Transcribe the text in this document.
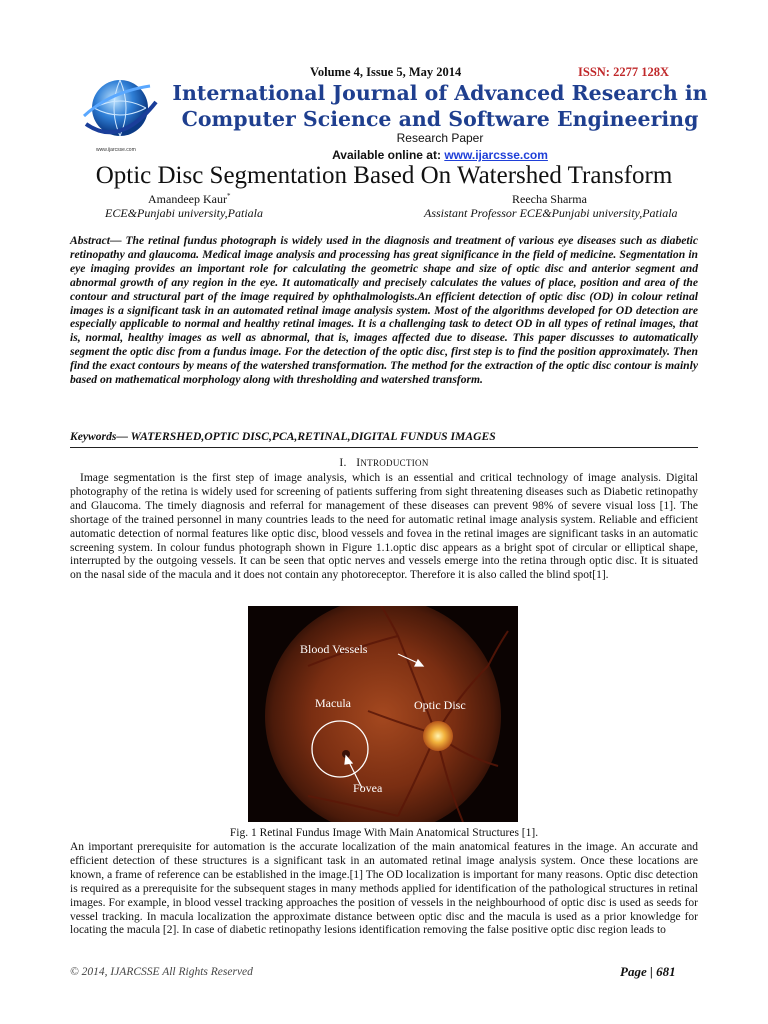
www.ijarcsse.com
Volume 4, Issue 5, May 2014	ISSN: 2277 128X
International Journal of Advanced Research in
Computer Science and Software Engineering
Research Paper
Available online at: www.ijarcsse.com
Optic Disc Segmentation Based On Watershed Transform
Amandeep Kaur*	Reecha Sharma
ECE&Punjabi university,Patiala	Assistant Professor ECE&Punjabi university,Patiala
Abstract— The retinal fundus photograph is widely used in the diagnosis and treatment of various eye diseases such as diabetic retinopathy and glaucoma. Medical image analysis and processing has great significance in the field of medicine. Segmentation in eye imaging provides an important role for calculating the geometric shape and size of optic disc and anterior segment and abnormal growth of any region in the eye. It automatically and precisely calculates the values of place, position and area of the contour and structural part of the image required by ophthalmologists.An efficient detection of optic disc (OD) in colour retinal images is a significant task in an automated retinal image analysis system. Most of the algorithms developed for OD detection are especially applicable to normal and healthy retinal images. It is a challenging task to detect OD in all types of retinal images, that is, normal, healthy images as well as abnormal, that is, images affected due to disease. This paper discusses to automatically segment the optic disc from a fundus image. For the detection of the optic disc, first step is to find the position approximately. Then find the exact contours by means of the watershed transformation. The method for the extraction of the optic disc contour is mainly based on mathematical morphology along with thresholding and watershed transform.
Keywords— WATERSHED,OPTIC DISC,PCA,RETINAL,DIGITAL FUNDUS IMAGES
I. INTRODUCTION
Image segmentation is the first step of image analysis, which is an essential and critical technology of image analysis. Digital photography of the retina is widely used for screening of patients suffering from sight threatening diseases such as Diabetic retinopathy and Glaucoma. The timely diagnosis and referral for management of these diseases can prevent 98% of severe visual loss [1]. The shortage of the trained personnel in many countries leads to the need for automatic retinal image analysis system. Reliable and efficient automatic detection of normal features like optic disc, blood vessels and fovea in the retinal images are significant tasks in an automatic screening system. In colour fundus photograph shown in Figure 1.1.optic disc appears as a bright spot of circular or elliptical shape, interrupted by the outgoing vessels. It can be seen that optic nerves and vessels emerge into the retina through optic disc. It is situated on the nasal side of the macula and it does not contain any photoreceptor. Therefore it is also called the blind spot[1].
Blood Vessels
Macula	Optic Disc
Fovea
Fig. 1 Retinal Fundus Image With Main Anatomical Structures [1].
An important prerequisite for automation is the accurate localization of the main anatomical features in the image. An accurate and efficient detection of these structures is a significant task in an automated retinal image analysis system. Once these locations are known, a frame of reference can be established in the image.[1] The OD localization is important for many reasons. Optic disc detection is required as a prerequisite for the subsequent stages in many methods applied for identification of the pathological structures in retinal images. For example, in blood vessel tracking approaches the position of vessels in the neighbourhood of optic disc is used as seeds for vessel tracking. In macula localization the approximate distance between optic disc and the macula is used as a prior knowledge for locating the macula [2]. In case of diabetic retinopathy lesions identification removing the false positive optic disc region leads to
© 2014, IJARCSSE All Rights Reserved	Page | 681
